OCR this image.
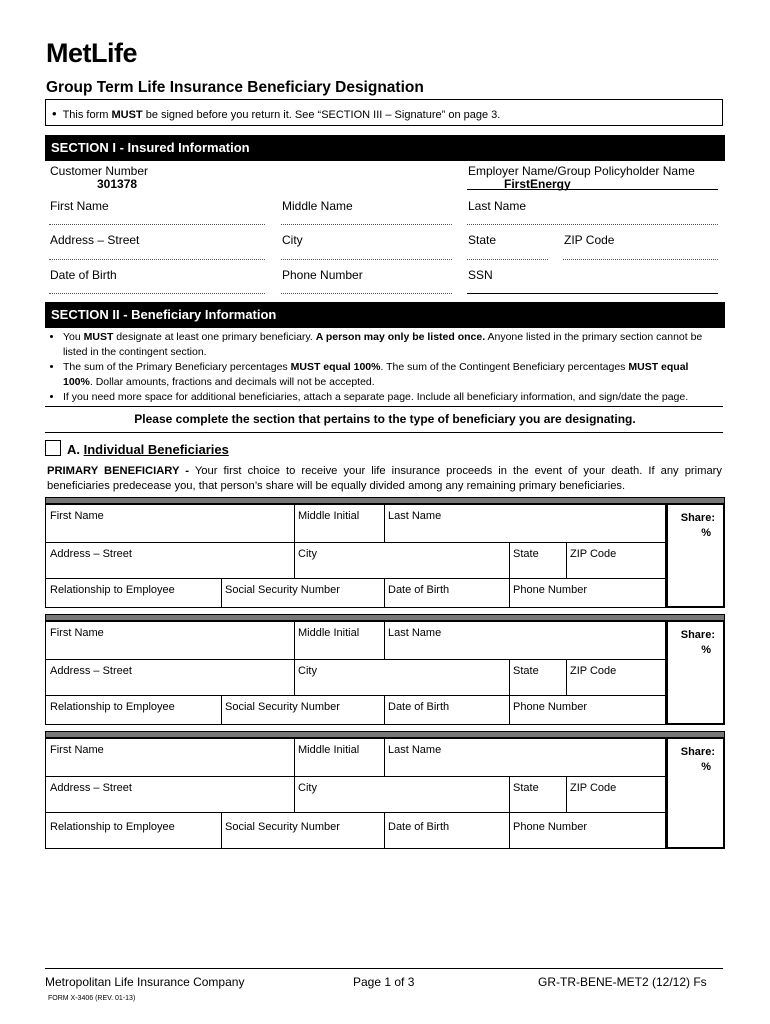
MetLife
Group Term Life Insurance Beneficiary Designation
• This form MUST be signed before you return it. See “SECTION III – Signature” on page 3.
SECTION I - Insured Information
Customer Number
301378
Employer Name/Group Policyholder Name
FirstEnergy
First Name	Middle Name	Last Name
Address – Street	City	State	ZIP Code
Date of Birth	Phone Number	SSN
SECTION II - Beneficiary Information
• You MUST designate at least one primary beneficiary. A person may only be listed once. Anyone listed in the primary section cannot be listed in the contingent section.
• The sum of the Primary Beneficiary percentages MUST equal 100%. The sum of the Contingent Beneficiary percentages MUST equal 100%. Dollar amounts, fractions and decimals will not be accepted.
• If you need more space for additional beneficiaries, attach a separate page. Include all beneficiary information, and sign/date the page.
Please complete the section that pertains to the type of beneficiary you are designating.
A. Individual Beneficiaries
PRIMARY BENEFICIARY - Your first choice to receive your life insurance proceeds in the event of your death. If any primary beneficiaries predecease you, that person’s share will be equally divided among any remaining primary beneficiaries.
First Name	Middle Initial	Last Name
Address – Street	City	State	ZIP Code
Relationship to Employee	Social Security Number	Date of Birth	Phone Number
Share:
%
First Name	Middle Initial	Last Name
Address – Street	City	State	ZIP Code
Relationship to Employee	Social Security Number	Date of Birth	Phone Number
Share:
%
First Name	Middle Initial	Last Name
Address – Street	City	State	ZIP Code
Relationship to Employee	Social Security Number	Date of Birth	Phone Number
Share:
%
Metropolitan Life Insurance Company	Page 1 of 3	GR-TR-BENE-MET2 (12/12) Fs
FORM X-3406 (REV. 01-13)
